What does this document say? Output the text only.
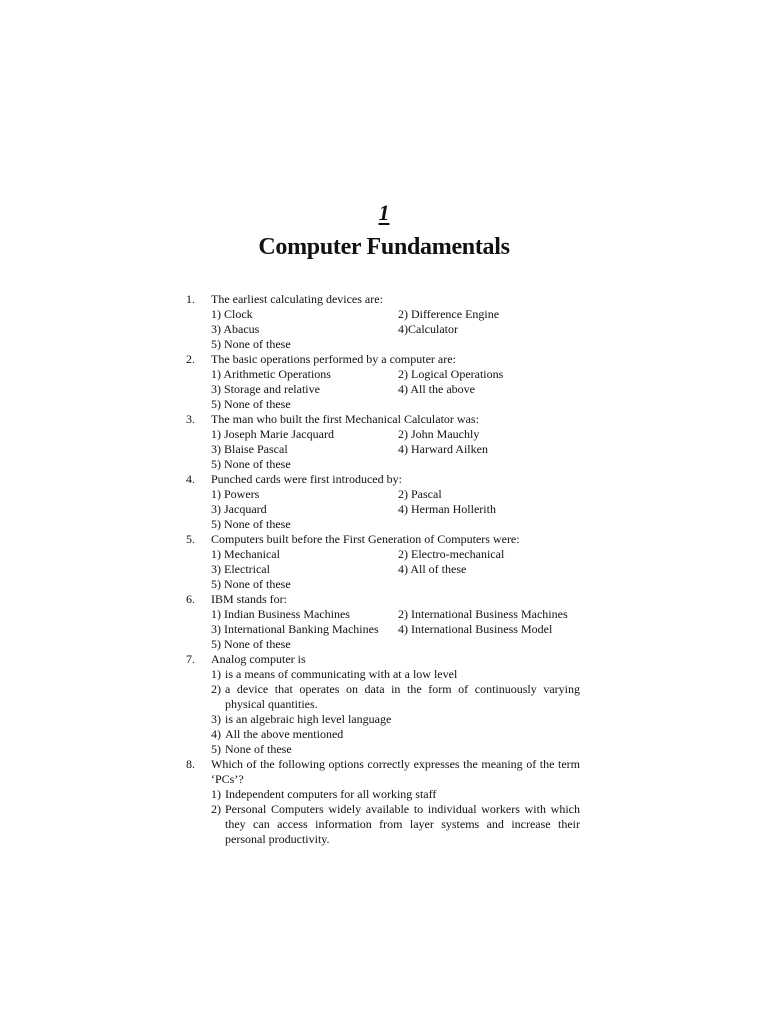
1
Computer Fundamentals
1.	The earliest calculating devices are:
1) Clock	2) Difference Engine
3) Abacus	4)Calculator
5) None of these
2.	The basic operations performed by a computer are:
1) Arithmetic Operations	2) Logical Operations
3) Storage and relative	4) All the above
5) None of these
3.	The man who built the first Mechanical Calculator was:
1) Joseph Marie Jacquard	2) John Mauchly
3) Blaise Pascal	4) Harward Ailken
5) None of these
4.	Punched cards were first introduced by:
1) Powers	2) Pascal
3) Jacquard	4) Herman Hollerith
5) None of these
5.	Computers built before the First Generation of Computers were:
1) Mechanical	2) Electro-mechanical
3) Electrical	4) All of these
5) None of these
6.	IBM stands for:
1) Indian Business Machines	2) International Business Machines
3) International Banking Machines	4) International Business Model
5) None of these
7.	Analog computer is
1) is a means of communicating with at a low level
2) a device that operates on data in the form of continuously varying physical quantities.
3) is an algebraic high level language
4) All the above mentioned
5) None of these
8.	Which of the following options correctly expresses the meaning of the term ‘PCs’?
1) Independent computers for all working staff
2) Personal Computers widely available to individual workers with which they can access information from layer systems and increase their personal productivity.
